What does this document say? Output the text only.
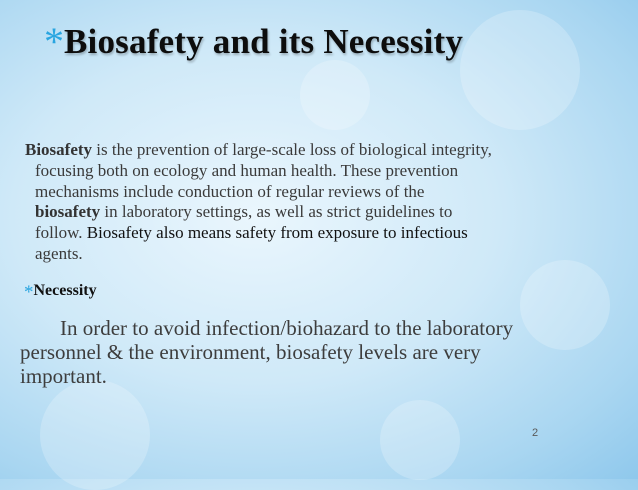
*Biosafety and its Necessity
Biosafety is the prevention of large-scale loss of biological integrity,
focusing both on ecology and human health. These prevention
mechanisms include conduction of regular reviews of the
biosafety in laboratory settings, as well as strict guidelines to
follow. Biosafety also means safety from exposure to infectious
agents.
*Necessity
In order to avoid infection/biohazard to the laboratory
personnel & the environment, biosafety levels are very
important.
2
